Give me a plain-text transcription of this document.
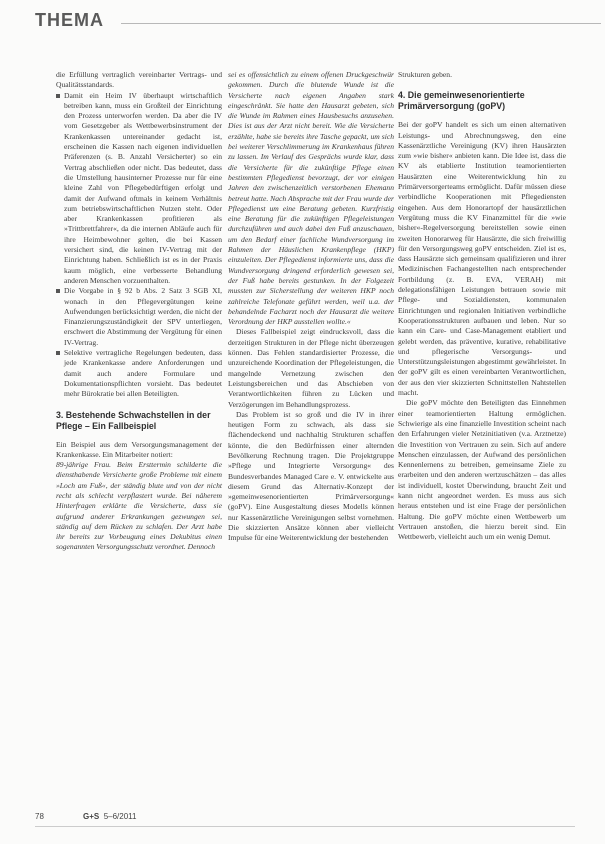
THEMA

die Erfüllung vertraglich vereinbarter Vertrags- und Qualitätsstandards.

Damit ein Heim IV überhaupt wirtschaftlich betreiben kann, muss ein Großteil der Einrichtung den Prozess unterworfen werden. Da aber die IV vom Gesetzgeber als Wettbewerbsinstrument der Krankenkassen untereinander gedacht ist, erscheinen die Kassen nach eigenen individuellen Präferenzen (s. B. Anzahl Versicherter) so ein Vertrag abschließen oder nicht. Das bedeutet, dass die Umstellung hausinterner Prozesse nur für eine kleine Zahl von Pflegebedürftigen erfolgt und damit der Aufwand oftmals in keinem Verhältnis zum betriebswirtschaftlichen Nutzen steht. Oder aber Krankenkassen profitieren als »Trittbrettfahrer«, da die internen Abläufe auch für ihre Heimbewohner gelten, die bei Kassen versichert sind, die keinen IV-Vertrag mit der Einrichtung haben. Schließlich ist es in der Praxis kaum möglich, eine verbesserte Behandlung anderen Menschen vorzuenthalten.
Die Vorgabe in § 92 b Abs. 2 Satz 3 SGB XI, wonach in den Pflegevergütungen keine Aufwendungen berücksichtigt werden, die nicht der Finanzierungszuständigkeit der SPV unterliegen, erschwert die Abstimmung der Vergütung für einen IV-Vertrag.
Selektive vertragliche Regelungen bedeuten, dass jede Krankenkasse andere Anforderungen und damit auch andere Formulare und Dokumentationspflichten vorsieht. Das bedeutet mehr Bürokratie bei allen Beteiligten.
3. Bestehende Schwachstellen in der Pflege – Ein Fallbeispiel

Ein Beispiel aus dem Versorgungsmanagement der Krankenkasse. Ein Mitarbeiter notiert:

89-jährige Frau. Beim Ersttermin schilderte die diensthabende Versicherte große Probleme mit einem »Loch am Fuß«, der ständig blute und von der nicht recht als schlecht verpflastert wurde. Bei näherem Hinterfragen erklärte die Versicherte, dass sie aufgrund anderer Erkrankungen gezwungen sei, ständig auf dem Rücken zu schlafen. Der Arzt habe ihr bereits zur Vorbeugung eines Dekubitus einen sogenannten Versorgungsschutz verordnet. Dennoch

sei es offensichtlich zu einem offenen Druckgeschwür gekommen. Durch die blutende Wunde ist die Versicherte nach eigenen Angaben stark eingeschränkt. Sie hatte den Hausarzt gebeten, sich die Wunde im Rahmen eines Hausbesuchs anzusehen. Dies ist aus der Arzt nicht bereit. Wie die Versicherte erzählte, habe sie bereits ihre Tasche gepackt, um sich bei weiterer Verschlimmerung im Krankenhaus führen zu lassen. Im Verlauf des Gesprächs wurde klar, dass die Versicherte für die zukünftige Pflege einen bestimmten Pflegedienst bevorzugt, der vor einigen Jahren den zwischenzeitlich verstorbenen Ehemann betreut hatte. Nach Absprache mit der Frau wurde der Pflegedienst um eine Beratung gebeten. Kurzfristig eine Beratung für die zukünftigen Pflegeleistungen durchzuführen und auch dabei den Fuß anzuschauen, um den Bedarf einer fachliche Wundversorgung im Rahmen der Häuslichen Krankenpflege (HKP) einzuleiten. Der Pflegedienst informierte uns, dass die Wundversorgung dringend erforderlich gewesen sei, der Fuß habe bereits gestunken. In der Folgezeit mussten zur Sicherstellung der weiteren HKP noch zahlreiche Telefonate geführt werden, weil u.a. der behandelnde Facharzt noch der Hausarzt die weitere Verordnung der HKP ausstellen wollte.«

Dieses Fallbeispiel zeigt eindrucksvoll, dass die derzeitigen Strukturen in der Pflege nicht überzeugen können. Das Fehlen standardisierter Prozesse, die unzureichende Koordination der Pflegeleistungen, die mangelnde Vernetzung zwischen den Leistungsbereichen und das Abschieben von Verantwortlichkeiten führen zu Lücken und Verzögerungen im Behandlungsprozess.

Das Problem ist so groß und die IV in ihrer heutigen Form zu schwach, als dass sie flächendeckend und nachhaltig Strukturen schaffen könnte, die den Bedürfnissen einer alternden Bevölkerung Rechnung tragen. Die Projektgruppe »Pflege und Integrierte Versorgung« des Bundesverbandes Managed Care e. V. entwickelte aus diesem Grund das Alternativ-Konzept der »gemeinwesenorientierten Primärversorgung« (goPV). Eine Ausgestaltung dieses Modells können nur Kassenärztliche Vereinigungen selbst vornehmen. Die skizzierten Ansätze können aber vielleicht Impulse für eine Weiterentwicklung der bestehenden

Strukturen geben.

4. Die gemeinwesenorientierte Primärversorgung (goPV)

Bei der goPV handelt es sich um einen alternativen Leistungs- und Abrechnungsweg, den eine Kassenärztliche Vereinigung (KV) ihren Hausärzten zum »wie bisher« anbieten kann. Die Idee ist, dass die KV als etablierte Institution teamorientierten Hausärzten eine Weiterentwicklung hin zu Primärversorgerteams ermöglicht. Dafür müssen diese verbindliche Kooperationen mit Pflegediensten eingehen. Aus dem Honorartopf der hausärztlichen Vergütung muss die KV Finanzmittel für die »wie bisher«-Regelversorgung bereitstellen sowie einen zweiten Honorarweg für Hausärzte, die sich freiwillig für den Versorgungsweg goPV entscheiden. Ziel ist es, dass Hausärzte sich gemeinsam qualifizieren und ihrer Medizinischen Fachangestellten nach entsprechender Fortbildung (z. B. EVA, VERAH) mit delegationsfähigen Leistungen betrauen sowie mit Pflege- und Sozialdiensten, kommunalen Einrichtungen und regionalen Initiativen verbindliche Kooperationsstrukturen aufbauen und leben. Nur so kann ein Care- und Case-Management etabliert und gelebt werden, das präventive, kurative, rehabilitative und pflegerische Versorgungs- und Unterstützungsleistungen abgestimmt gewährleistet. In der goPV gilt es einen vereinbarten Verantwortlichen, der aus den vier skizzierten Schnittstellen Nahtstellen macht.

Die goPV möchte den Beteiligten das Einnehmen einer teamorientierten Haltung ermöglichen. Schwierige als eine finanzielle Investition scheint nach den Erfahrungen vieler Netzinitiativen (v.a. Arztnetze) die Investition von Vertrauen zu sein. Sich auf andere Menschen einzulassen, der Aufwand des persönlichen Kennenlernens zu betreiben, gemeinsame Ziele zu erarbeiten und den anderen wertzuschätzen – das alles ist individuell, kostet Überwindung, braucht Zeit und kann nicht angeordnet werden. Es muss aus sich heraus entstehen und ist eine Frage der persönlichen Haltung. Die goPV möchte einen Wettbewerb um Vertrauen anstoßen, die hierzu bereit sind. Ein Wettbewerb, vielleicht auch um ein wenig Demut.

78	G+S 5–6/2011
